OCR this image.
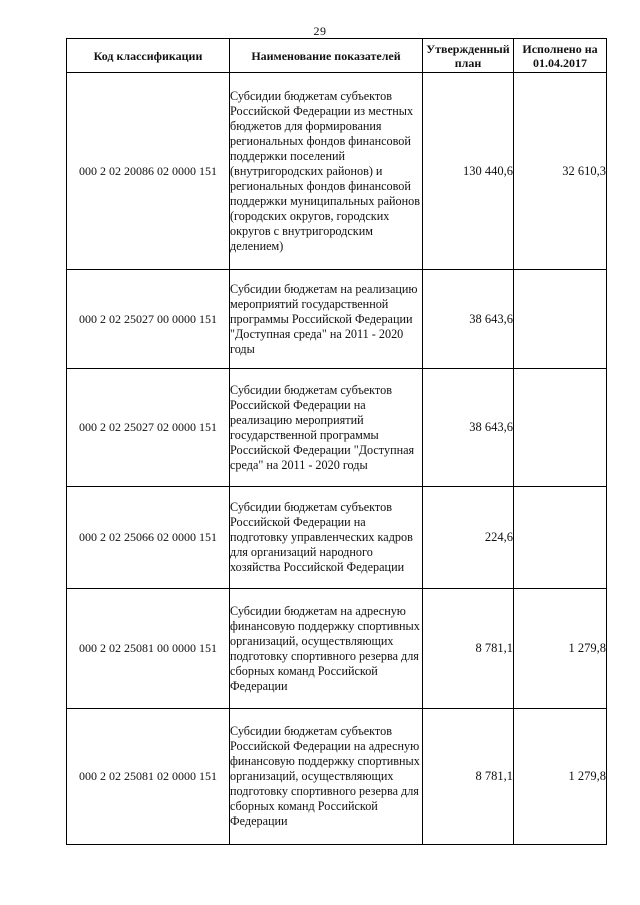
29
Код классификации	Наименование показателей	Утвержденный план	Исполнено на 01.04.2017
000 2 02 20086 02 0000 151	Субсидии бюджетам субъектов Российской Федерации из местных бюджетов для формирования региональных фондов финансовой поддержки поселений (внутригородских районов) и региональных фондов финансовой поддержки муниципальных районов (городских округов, городских округов с внутригородским делением)	130 440,6	32 610,3
000 2 02 25027 00 0000 151	Субсидии бюджетам на реализацию мероприятий государственной программы Российской Федерации "Доступная среда" на 2011 - 2020 годы	38 643,6	
000 2 02 25027 02 0000 151	Субсидии бюджетам субъектов Российской Федерации на реализацию мероприятий государственной программы Российской Федерации "Доступная среда" на 2011 - 2020 годы	38 643,6	
000 2 02 25066 02 0000 151	Субсидии бюджетам субъектов Российской Федерации на подготовку управленческих кадров для организаций народного хозяйства Российской Федерации	224,6	
000 2 02 25081 00 0000 151	Субсидии бюджетам на адресную финансовую поддержку спортивных организаций, осуществляющих подготовку спортивного резерва для сборных команд Российской Федерации	8 781,1	1 279,8
000 2 02 25081 02 0000 151	Субсидии бюджетам субъектов Российской Федерации на адресную финансовую поддержку спортивных организаций, осуществляющих подготовку спортивного резерва для сборных команд Российской Федерации	8 781,1	1 279,8
